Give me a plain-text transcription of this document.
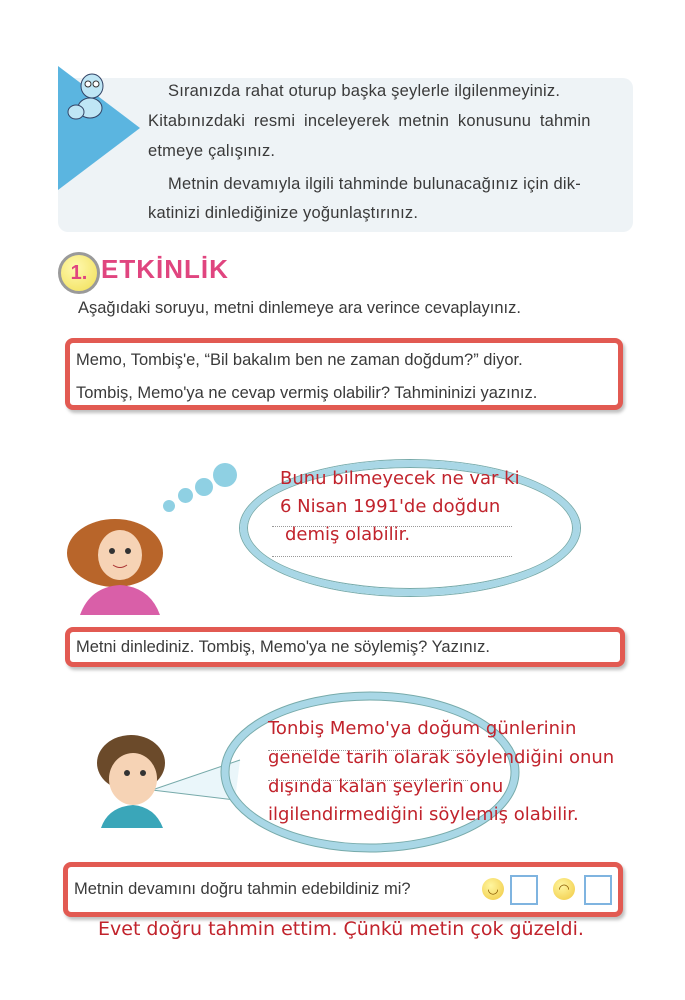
Sıranızda rahat oturup başka şeylerle ilgilenmeyiniz.
Kitabınızdaki resmi inceleyerek metnin konusunu tahmin
etmeye çalışınız.
Metnin devamıyla ilgili tahminde bulunacağınız için dik-
katinizi dinlediğinize yoğunlaştırınız.
1. ETKİNLİK
Aşağıdaki soruyu, metni dinlemeye ara verince cevaplayınız.
Memo, Tombiş'e, “Bil bakalım ben ne zaman doğdum?” diyor.
Tombiş, Memo'ya ne cevap vermiş olabilir? Tahmininizi yazınız.
Bunu bilmeyecek ne var ki
6 Nisan 1991'de doğdun
demiş olabilir.
Metni dinlediniz. Tombiş, Memo'ya ne söylemiş? Yazınız.
Tonbiş Memo'ya doğum günlerinin
genelde tarih olarak söylendiğini onun
dışında kalan şeylerin onu
ilgilendirmediğini söylemiş olabilir.
Metnin devamını doğru tahmin edebildiniz mi?	◡	◠
Evet doğru tahmin ettim. Çünkü metin çok güzeldi.
